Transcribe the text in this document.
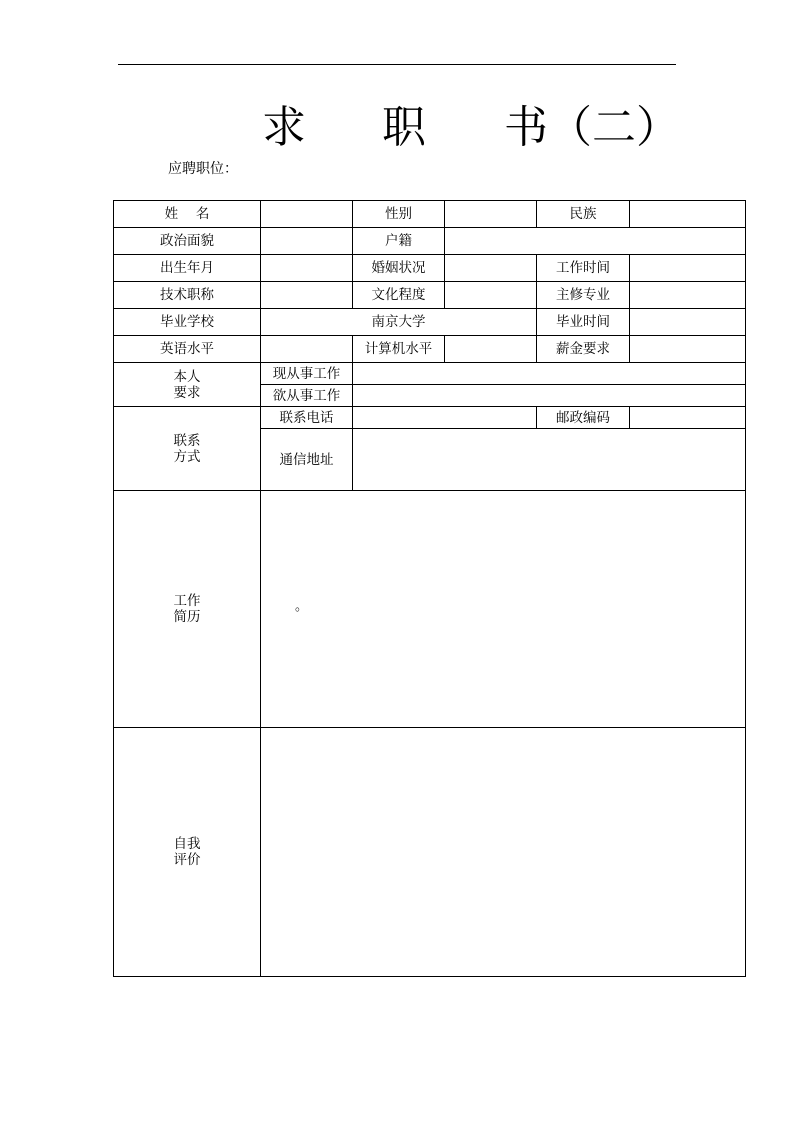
求 职 书（二）
应聘职位：
姓　 名		性别		民族	
政治面貌		户籍			
出生年月		婚姻状况		工作时间	
技术职称		文化程度		主修专业	
毕业学校	南京大学			毕业时间	
英语水平		计算机水平		薪金要求	
本人
要求	现从事工作				
	欲从事工作				
联系
方式	联系电话			邮政编码	
	通信地址				
工作
简历	。				

自我
评价					
